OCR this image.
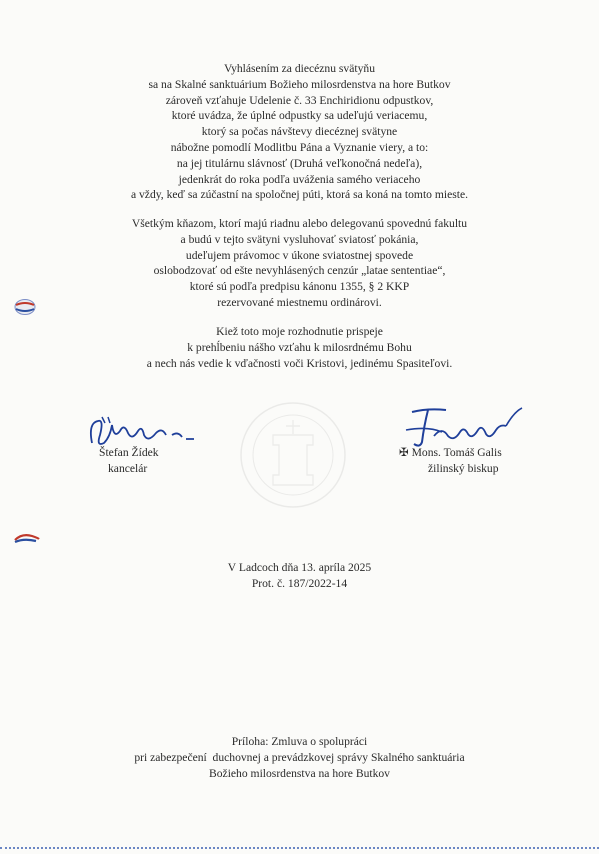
Vyhlásením za diecéznu svätyňu
sa na Skalné sanktuárium Božieho milosrdenstva na hore Butkov
zároveň vzťahuje Udelenie č. 33 Enchiridionu odpustkov,
ktoré uvádza, že úplné odpustky sa udeľujú veriacemu,
ktorý sa počas návštevy diecéznej svätyne
nábožne pomodlí Modlitbu Pána a Vyznanie viery, a to:
na jej titulárnu slávnosť (Druhá veľkonočná nedeľa),
jedenkrát do roka podľa uváženia samého veriaceho
a vždy, keď sa zúčastní na spoločnej púti, ktorá sa koná na tomto mieste.
Všetkým kňazom, ktorí majú riadnu alebo delegovanú spovednú fakultu
a budú v tejto svätyni vysluhovať sviatosť pokánia,
udeľujem právomoc v úkone sviatostnej spovede
oslobodzovať od ešte nevyhlásených cenzúr „latae sententiae“,
ktoré sú podľa predpisu kánonu 1355, § 2 KKP
rezervované miestnemu ordinárovi.
Kiež toto moje rozhodnutie prispeje
k prehĺbeniu nášho vzťahu k milosrdnému Bohu
a nech nás vedie k vďačnosti voči Kristovi, jedinému Spasiteľovi.
Štefan Žídek
kancelár
✠ Mons. Tomáš Galis
žilinský biskup
V Ladcoch dňa 13. apríla 2025
Prot. č. 187/2022-14
Príloha: Zmluva o spolupráci
pri zabezpečení  duchovnej a prevádzkovej správy Skalného sanktuária
Božieho milosrdenstva na hore Butkov
